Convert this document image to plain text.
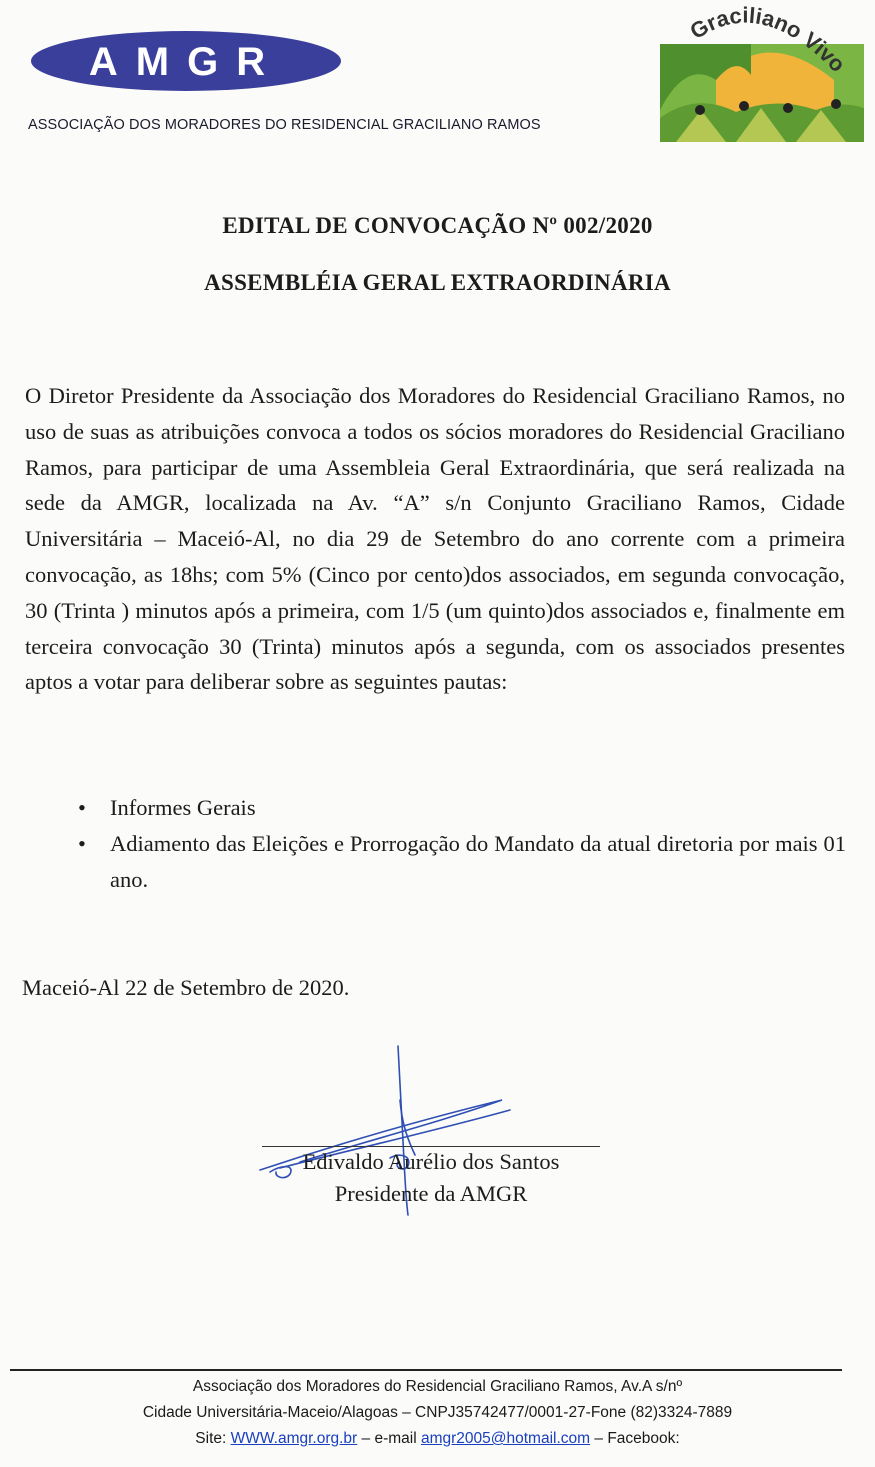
AMGR
ASSOCIAÇÃO DOS MORADORES DO RESIDENCIAL GRACILIANO RAMOS
Graciliano Vivo
EDITAL DE CONVOCAÇÃO Nº 002/2020
ASSEMBLÉIA GERAL EXTRAORDINÁRIA
O Diretor Presidente da Associação dos Moradores do Residencial Graciliano Ramos, no uso de suas as atribuições convoca a todos os sócios moradores do Residencial Graciliano Ramos, para participar de uma Assembleia Geral Extraordinária, que será realizada na sede da AMGR, localizada na Av. “A” s/n Conjunto Graciliano Ramos, Cidade Universitária – Maceió-Al, no dia 29 de Setembro do ano corrente com a primeira convocação, as 18hs; com 5% (Cinco por cento)dos associados, em segunda convocação, 30 (Trinta ) minutos após a primeira, com 1/5 (um quinto)dos associados e, finalmente em terceira convocação 30 (Trinta) minutos após a segunda, com os associados presentes aptos a votar para deliberar sobre as seguintes pautas:
• Informes Gerais
• Adiamento das Eleições e Prorrogação do Mandato da atual diretoria por mais 01 ano.
Maceió-Al 22 de Setembro de 2020.
Edivaldo Aurélio dos Santos
Presidente da AMGR
Associação dos Moradores do Residencial Graciliano Ramos, Av.A s/nº
Cidade Universitária-Maceio/Alagoas – CNPJ35742477/0001-27-Fone (82)3324-7889
Site: WWW.amgr.org.br – e-mail amgr2005@hotmail.com – Facebook:
